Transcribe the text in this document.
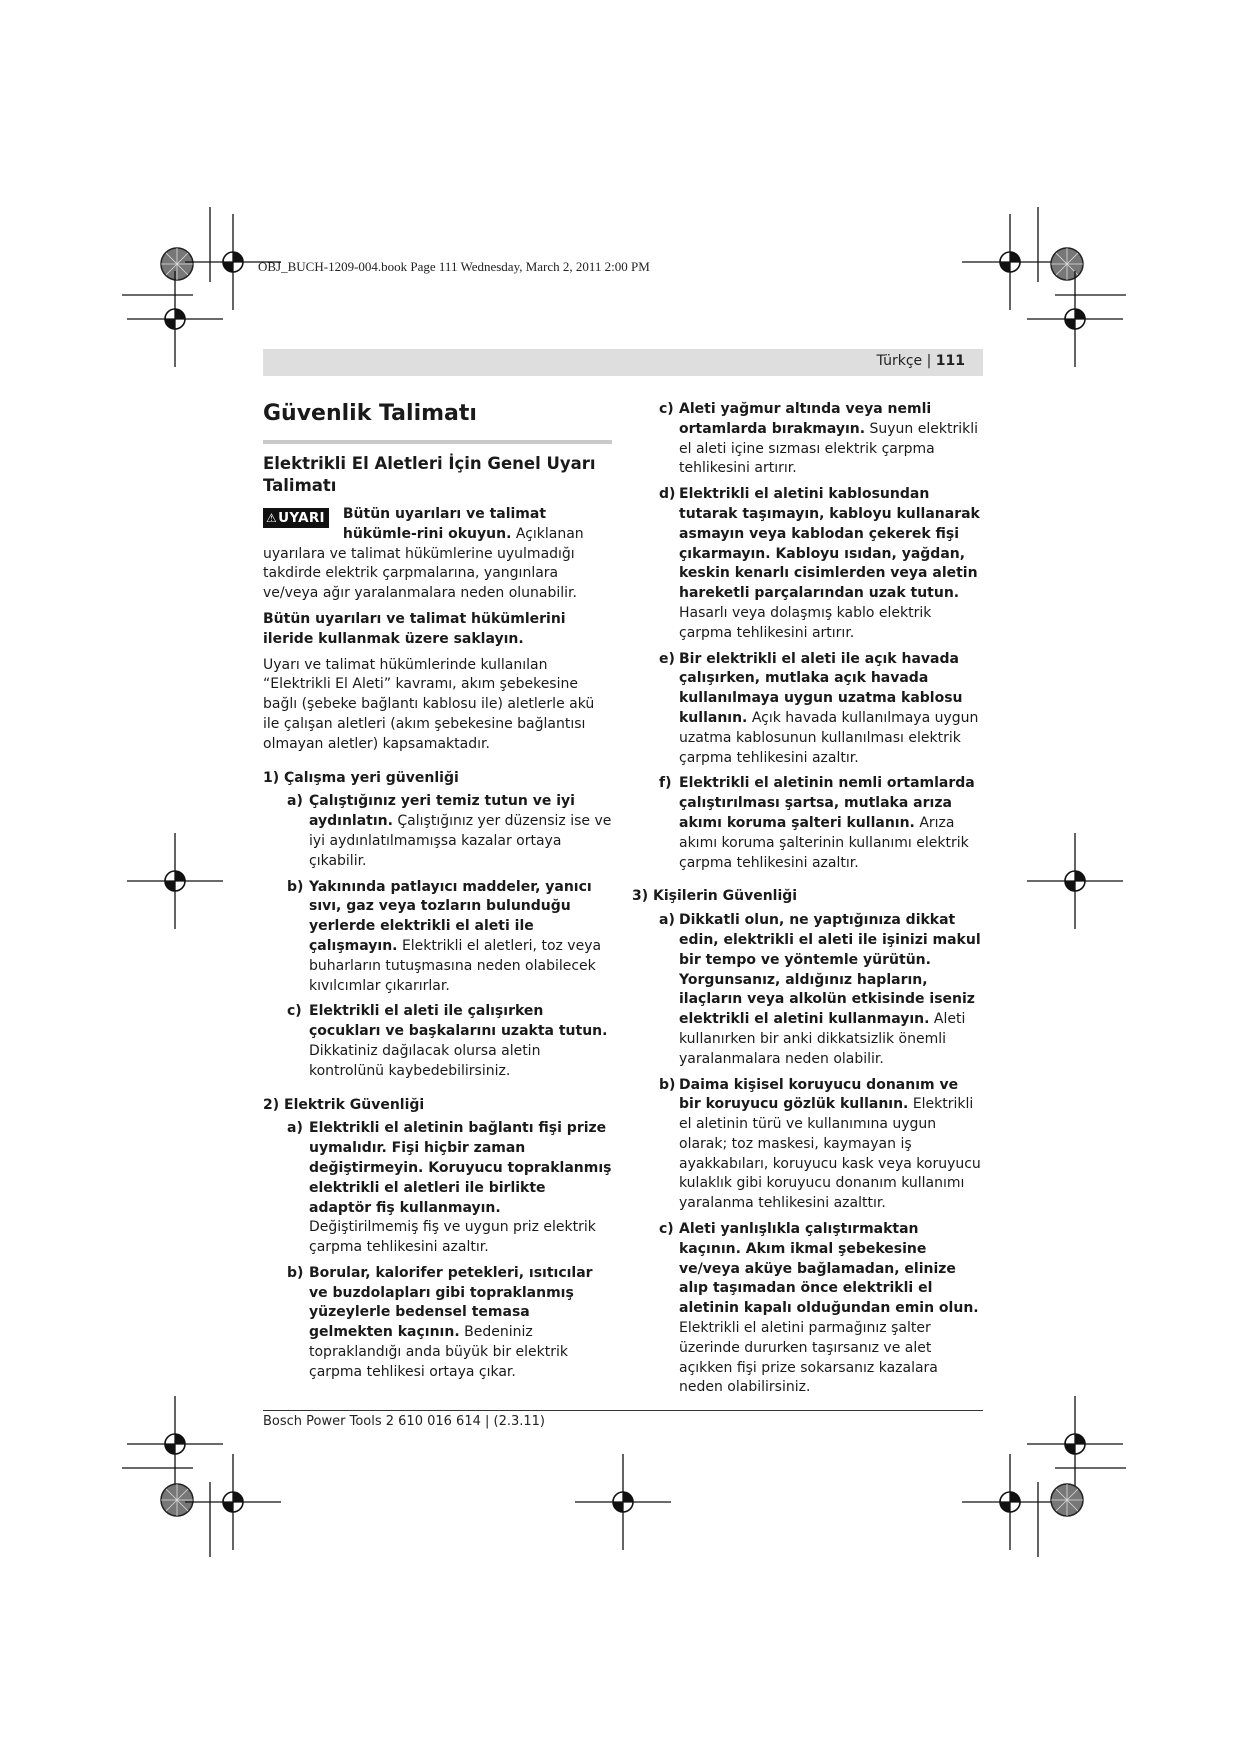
OBJ_BUCH-1209-004.book Page 111 Wednesday, March 2, 2011 2:00 PM
Türkçe | 111
Güvenlik Talimatı
Elektrikli El Aletleri İçin Genel Uyarı Talimatı

⚠UYARI Bütün uyarıları ve talimat hükümle-rini okuyun. Açıklanan uyarılara ve talimat hükümlerine uyulmadığı takdirde elektrik çarpmalarına, yangınlara ve/veya ağır yaralanmalara neden olunabilir.

Bütün uyarıları ve talimat hükümlerini ileride kullanmak üzere saklayın.

Uyarı ve talimat hükümlerinde kullanılan “Elektrikli El Aleti” kavramı, akım şebekesine bağlı (şebeke bağlantı kablosu ile) aletlerle akü ile çalışan aletleri (akım şebekesine bağlantısı olmayan aletler) kapsamaktadır.

1) Çalışma yeri güvenliği
a) Çalıştığınız yeri temiz tutun ve iyi aydınlatın. Çalıştığınız yer düzensiz ise ve iyi aydınlatılmamışsa kazalar ortaya çıkabilir.
b) Yakınında patlayıcı maddeler, yanıcı sıvı, gaz veya tozların bulunduğu yerlerde elektrikli el aleti ile çalışmayın. Elektrikli el aletleri, toz veya buharların tutuşmasına neden olabilecek kıvılcımlar çıkarırlar.
c) Elektrikli el aleti ile çalışırken çocukları ve başkalarını uzakta tutun. Dikkatiniz dağılacak olursa aletin kontrolünü kaybedebilirsiniz.
2) Elektrik Güvenliği
a) Elektrikli el aletinin bağlantı fişi prize uymalıdır. Fişi hiçbir zaman değiştirmeyin. Koruyucu topraklanmış elektrikli el aletleri ile birlikte adaptör fiş kullanmayın. Değiştirilmemiş fiş ve uygun priz elektrik çarpma tehlikesini azaltır.
b) Borular, kalorifer petekleri, ısıtıcılar ve buzdolapları gibi topraklanmış yüzeylerle bedensel temasa gelmekten kaçının. Bedeniniz topraklandığı anda büyük bir elektrik çarpma tehlikesi ortaya çıkar.
c) Aleti yağmur altında veya nemli ortamlarda bırakmayın. Suyun elektrikli el aleti içine sızması elektrik çarpma tehlikesini artırır.
d) Elektrikli el aletini kablosundan tutarak taşımayın, kabloyu kullanarak asmayın veya kablodan çekerek fişi çıkarmayın. Kabloyu ısıdan, yağdan, keskin kenarlı cisimlerden veya aletin hareketli parçalarından uzak tutun. Hasarlı veya dolaşmış kablo elektrik çarpma tehlikesini artırır.
e) Bir elektrikli el aleti ile açık havada çalışırken, mutlaka açık havada kullanılmaya uygun uzatma kablosu kullanın. Açık havada kullanılmaya uygun uzatma kablosunun kullanılması elektrik çarpma tehlikesini azaltır.
f) Elektrikli el aletinin nemli ortamlarda çalıştırılması şartsa, mutlaka arıza akımı koruma şalteri kullanın. Arıza akımı koruma şalterinin kullanımı elektrik çarpma tehlikesini azaltır.
3) Kişilerin Güvenliği
a) Dikkatli olun, ne yaptığınıza dikkat edin, elektrikli el aleti ile işinizi makul bir tempo ve yöntemle yürütün. Yorgunsanız, aldığınız hapların, ilaçların veya alkolün etkisinde iseniz elektrikli el aletini kullanmayın. Aleti kullanırken bir anki dikkatsizlik önemli yaralanmalara neden olabilir.
b) Daima kişisel koruyucu donanım ve bir koruyucu gözlük kullanın. Elektrikli el aletinin türü ve kullanımına uygun olarak; toz maskesi, kaymayan iş ayakkabıları, koruyucu kask veya koruyucu kulaklık gibi koruyucu donanım kullanımı yaralanma tehlikesini azalttır.
c) Aleti yanlışlıkla çalıştırmaktan kaçının. Akım ikmal şebekesine ve/veya aküye bağlamadan, elinize alıp taşımadan önce elektrikli el aletinin kapalı olduğundan emin olun. Elektrikli el aletini parmağınız şalter üzerinde dururken taşırsanız ve alet açıkken fişi prize sokarsanız kazalara neden olabilirsiniz.
Bosch Power Tools 2 610 016 614 | (2.3.11)
